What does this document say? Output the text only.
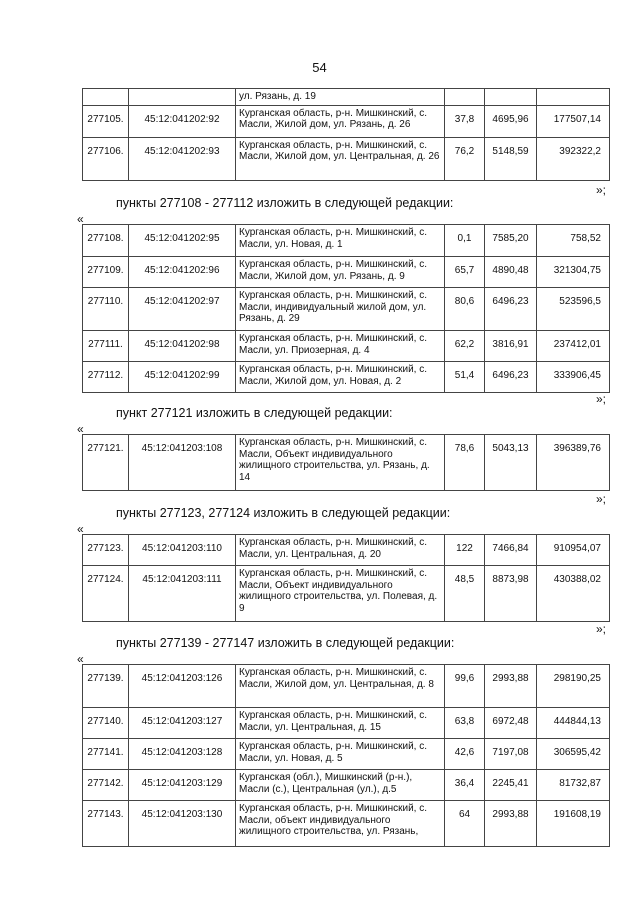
54
		ул. Рязань, д. 19			
277105.	45:12:041202:92	Курганская область, р-н. Мишкинский, с. Масли, Жилой дом, ул. Рязань, д. 26	37,8	4695,96	177507,14
277106.	45:12:041202:93	Курганская область, р-н. Мишкинский, с. Масли, Жилой дом, ул. Центральная, д. 26	76,2	5148,59	392322,2
»;
пункты 277108 - 277112 изложить в следующей редакции:
«
277108.	45:12:041202:95	Курганская область, р-н. Мишкинский, с. Масли, ул. Новая, д. 1	0,1	7585,20	758,52
277109.	45:12:041202:96	Курганская область, р-н. Мишкинский, с. Масли, Жилой дом, ул. Рязань, д. 9	65,7	4890,48	321304,75
277110.	45:12:041202:97	Курганская область, р-н. Мишкинский, с. Масли, индивидуальный жилой дом, ул. Рязань, д. 29	80,6	6496,23	523596,5
277111.	45:12:041202:98	Курганская область, р-н. Мишкинский, с. Масли, ул. Приозерная, д. 4	62,2	3816,91	237412,01
277112.	45:12:041202:99	Курганская область, р-н. Мишкинский, с. Масли, Жилой дом, ул. Новая, д. 2	51,4	6496,23	333906,45
»;
пункт 277121 изложить в следующей редакции:
«
277121.	45:12:041203:108	Курганская область, р-н. Мишкинский, с. Масли, Объект индивидуального жилищного строительства, ул. Рязань, д. 14	78,6	5043,13	396389,76
»;
пункты 277123, 277124 изложить в следующей редакции:
«
277123.	45:12:041203:110	Курганская область, р-н. Мишкинский, с. Масли, ул. Центральная, д. 20	122	7466,84	910954,07
277124.	45:12:041203:111	Курганская область, р-н. Мишкинский, с. Масли, Объект индивидуального жилищного строительства, ул. Полевая, д. 9	48,5	8873,98	430388,02
»;
пункты 277139 - 277147 изложить в следующей редакции:
«
277139.	45:12:041203:126	Курганская область, р-н. Мишкинский, с. Масли, Жилой дом, ул. Центральная, д. 8	99,6	2993,88	298190,25
277140.	45:12:041203:127	Курганская область, р-н. Мишкинский, с. Масли, ул. Центральная, д. 15	63,8	6972,48	444844,13
277141.	45:12:041203:128	Курганская область, р-н. Мишкинский, с. Масли, ул. Новая, д. 5	42,6	7197,08	306595,42
277142.	45:12:041203:129	Курганская (обл.), Мишкинский (р-н.), Масли (с.), Центральная (ул.), д.5	36,4	2245,41	81732,87
277143.	45:12:041203:130	Курганская область, р-н. Мишкинский, с. Масли, объект индивидуального жилищного строительства, ул. Рязань,	64	2993,88	191608,19
